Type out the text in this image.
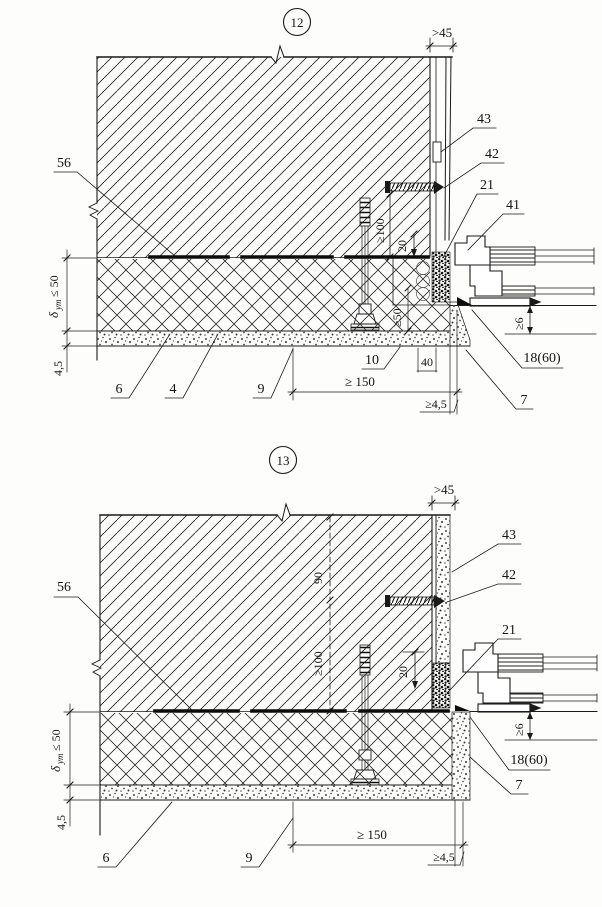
12
>45
≥100
20
≥50	≥6
δ
ут
≤ 50
4,5
≥ 150
≥4,5
40
10
6	4	9
56
43
42
21
41
18(60)
7
13
>45
90
≥100	20
≥6
δ
ут
≤ 50
4,5
≥ 150
≥4,5
56
6	9
43
42
21
18(60)
7
